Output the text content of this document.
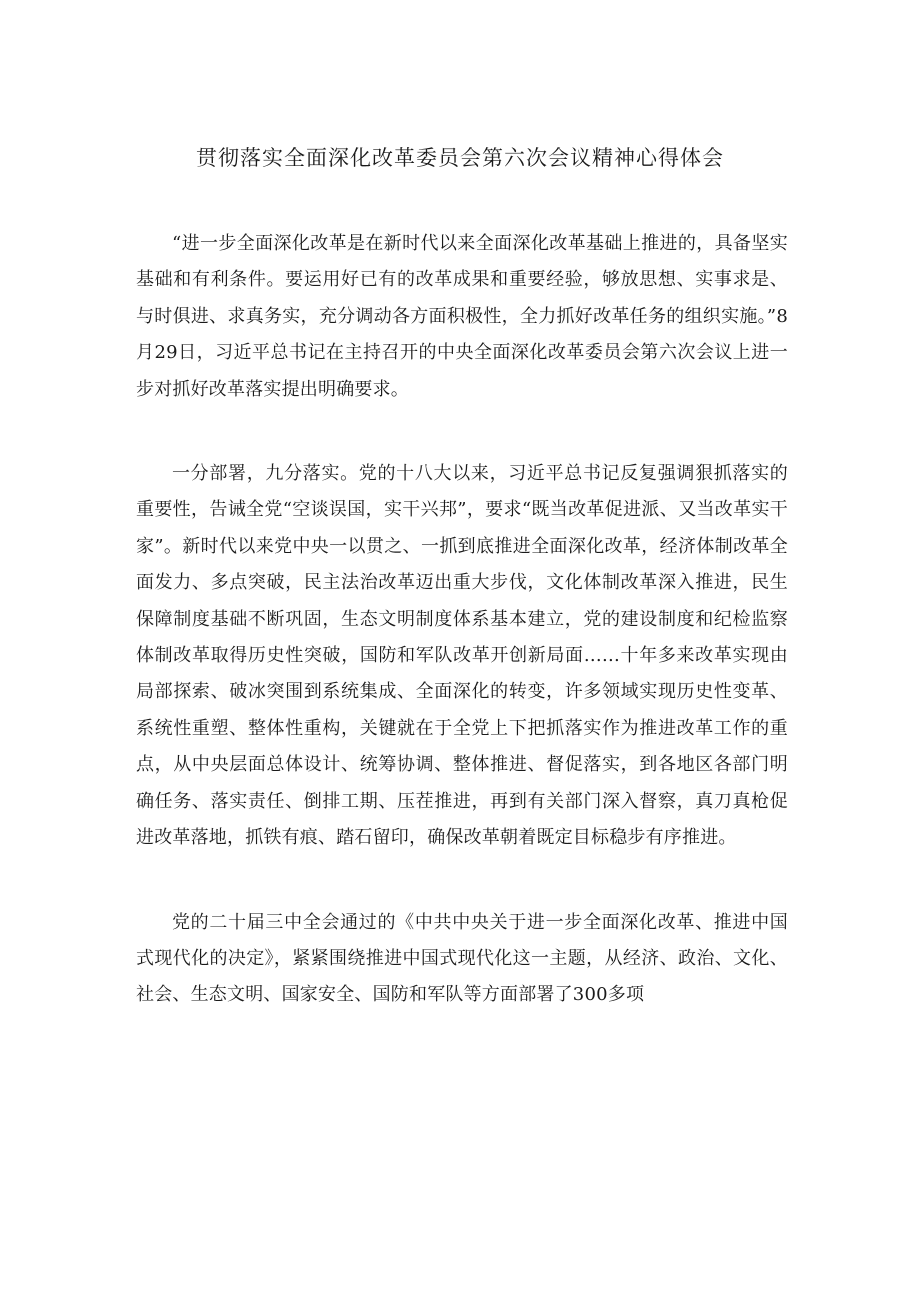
贯彻落实全面深化改革委员会第六次会议精神心得体会

“进一步全面深化改革是在新时代以来全面深化改革基础上推进的，具备坚实基础和有利条件。要运用好已有的改革成果和重要经验，够放思想、实事求是、与时俱进、求真务实，充分调动各方面积极性，全力抓好改革任务的组织实施。”8月29日，习近平总书记在主持召开的中央全面深化改革委员会第六次会议上进一步对抓好改革落实提出明确要求。

一分部署，九分落实。党的十八大以来，习近平总书记反复强调狠抓落实的重要性，告诫全党“空谈误国，实干兴邦”，要求“既当改革促进派、又当改革实干家”。新时代以来党中央一以贯之、一抓到底推进全面深化改革，经济体制改革全面发力、多点突破，民主法治改革迈出重大步伐，文化体制改革深入推进，民生保障制度基础不断巩固，生态文明制度体系基本建立，党的建设制度和纪检监察体制改革取得历史性突破，国防和军队改革开创新局面……十年多来改革实现由局部探索、破冰突围到系统集成、全面深化的转变，许多领域实现历史性变革、系统性重塑、整体性重构，关键就在于全党上下把抓落实作为推进改革工作的重点，从中央层面总体设计、统筹协调、整体推进、督促落实，到各地区各部门明确任务、落实责任、倒排工期、压茬推进，再到有关部门深入督察，真刀真枪促进改革落地，抓铁有痕、踏石留印，确保改革朝着既定目标稳步有序推进。

党的二十届三中全会通过的《中共中央关于进一步全面深化改革、推进中国式现代化的决定》，紧紧围绕推进中国式现代化这一主题，从经济、政治、文化、社会、生态文明、国家安全、国防和军队等方面部署了300多项
